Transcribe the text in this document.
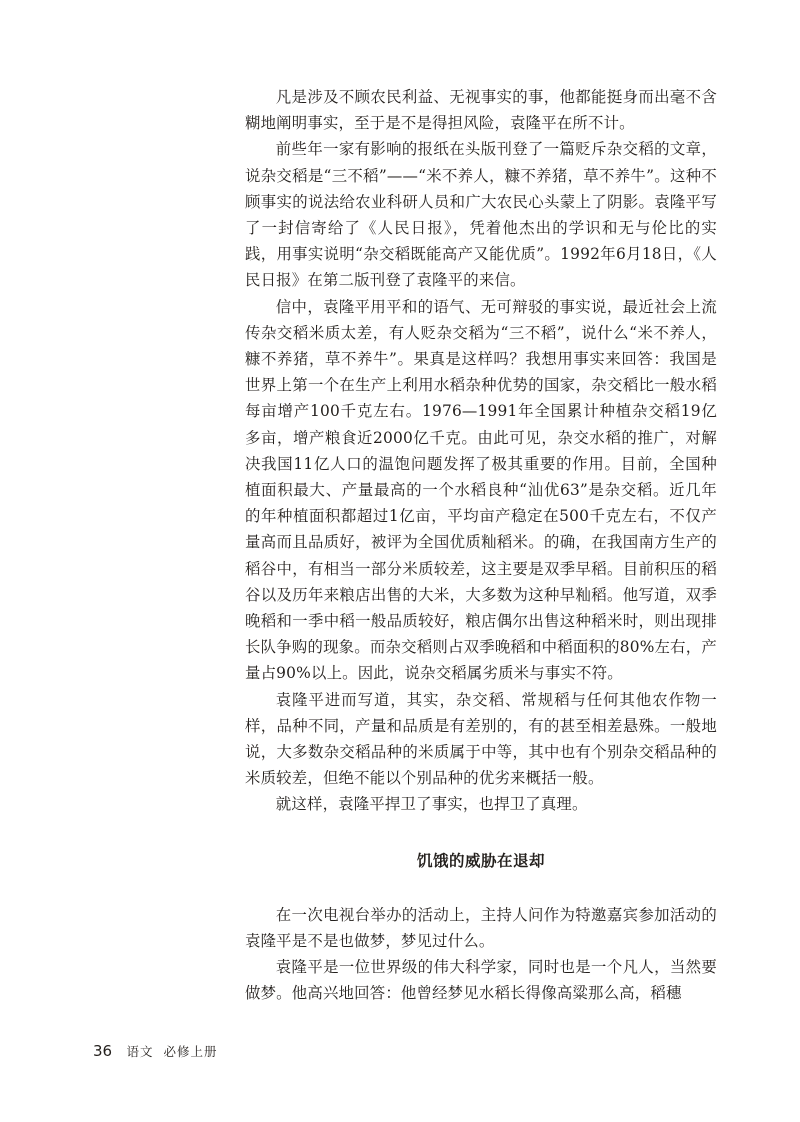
凡是涉及不顾农民利益、无视事实的事，他都能挺身而出毫不含糊地阐明事实，至于是不是得担风险，袁隆平在所不计。

前些年一家有影响的报纸在头版刊登了一篇贬斥杂交稻的文章，说杂交稻是“三不稻”——“米不养人，糠不养猪，草不养牛”。这种不顾事实的说法给农业科研人员和广大农民心头蒙上了阴影。袁隆平写了一封信寄给了《人民日报》，凭着他杰出的学识和无与伦比的实践，用事实说明“杂交稻既能高产又能优质”。1992年6月18日，《人民日报》在第二版刊登了袁隆平的来信。

信中，袁隆平用平和的语气、无可辩驳的事实说，最近社会上流传杂交稻米质太差，有人贬杂交稻为“三不稻”，说什么“米不养人，糠不养猪，草不养牛”。果真是这样吗？我想用事实来回答：我国是世界上第一个在生产上利用水稻杂种优势的国家，杂交稻比一般水稻每亩增产100千克左右。1976—1991年全国累计种植杂交稻19亿多亩，增产粮食近2000亿千克。由此可见，杂交水稻的推广，对解决我国11亿人口的温饱问题发挥了极其重要的作用。目前，全国种植面积最大、产量最高的一个水稻良种“汕优63”是杂交稻。近几年的年种植面积都超过1亿亩，平均亩产稳定在500千克左右，不仅产量高而且品质好，被评为全国优质籼稻米。的确，在我国南方生产的稻谷中，有相当一部分米质较差，这主要是双季早稻。目前积压的稻谷以及历年来粮店出售的大米，大多数为这种早籼稻。他写道，双季晚稻和一季中稻一般品质较好，粮店偶尔出售这种稻米时，则出现排长队争购的现象。而杂交稻则占双季晚稻和中稻面积的80%左右，产量占90%以上。因此，说杂交稻属劣质米与事实不符。

袁隆平进而写道，其实，杂交稻、常规稻与任何其他农作物一样，品种不同，产量和品质是有差别的，有的甚至相差悬殊。一般地说，大多数杂交稻品种的米质属于中等，其中也有个别杂交稻品种的米质较差，但绝不能以个别品种的优劣来概括一般。

就这样，袁隆平捍卫了事实，也捍卫了真理。

饥饿的威胁在退却

在一次电视台举办的活动上，主持人问作为特邀嘉宾参加活动的袁隆平是不是也做梦，梦见过什么。

袁隆平是一位世界级的伟大科学家，同时也是一个凡人，当然要做梦。他高兴地回答：他曾经梦见水稻长得像高粱那么高，稻穗

36 语文  必修上册
